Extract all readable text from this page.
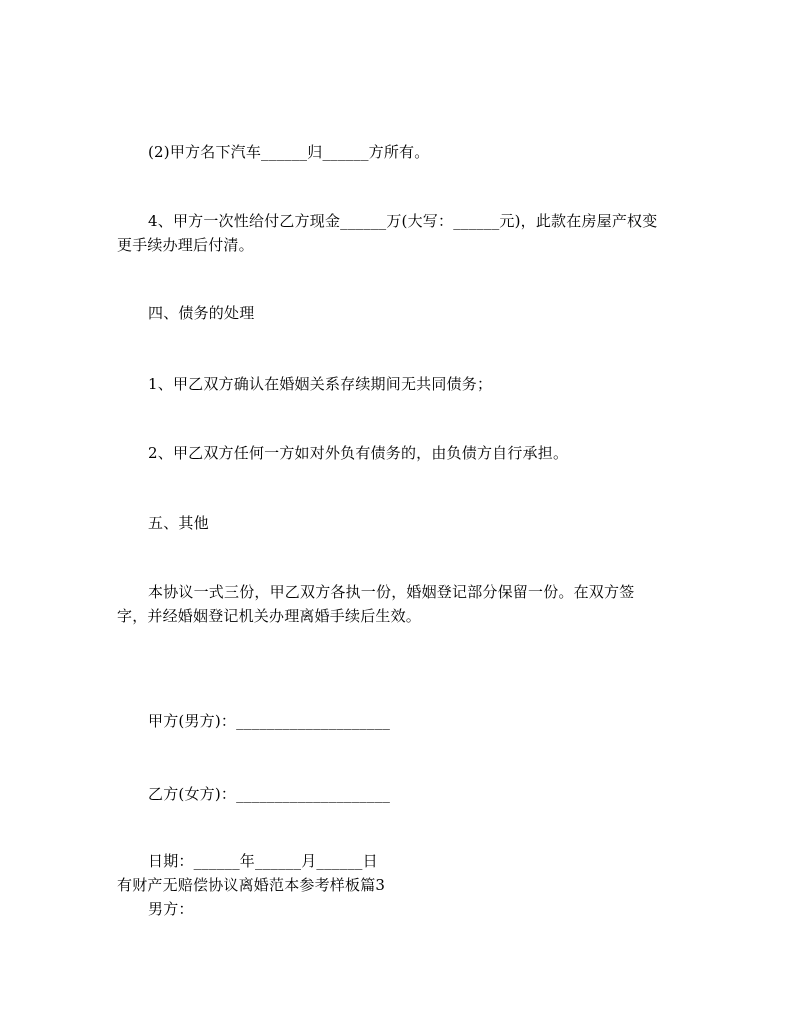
(2)甲方名下汽车______归______方所有。
4、甲方一次性给付乙方现金______万(大写：______元)，此款在房屋产权变
更手续办理后付清。
四、债务的处理
1、甲乙双方确认在婚姻关系存续期间无共同债务；
2、甲乙双方任何一方如对外负有债务的，由负债方自行承担。
五、其他
本协议一式三份，甲乙双方各执一份，婚姻登记部分保留一份。在双方签
字，并经婚姻登记机关办理离婚手续后生效。
甲方(男方)：____________________
乙方(女方)：____________________
日期：______年______月______日
有财产无赔偿协议离婚范本参考样板篇3
男方：
